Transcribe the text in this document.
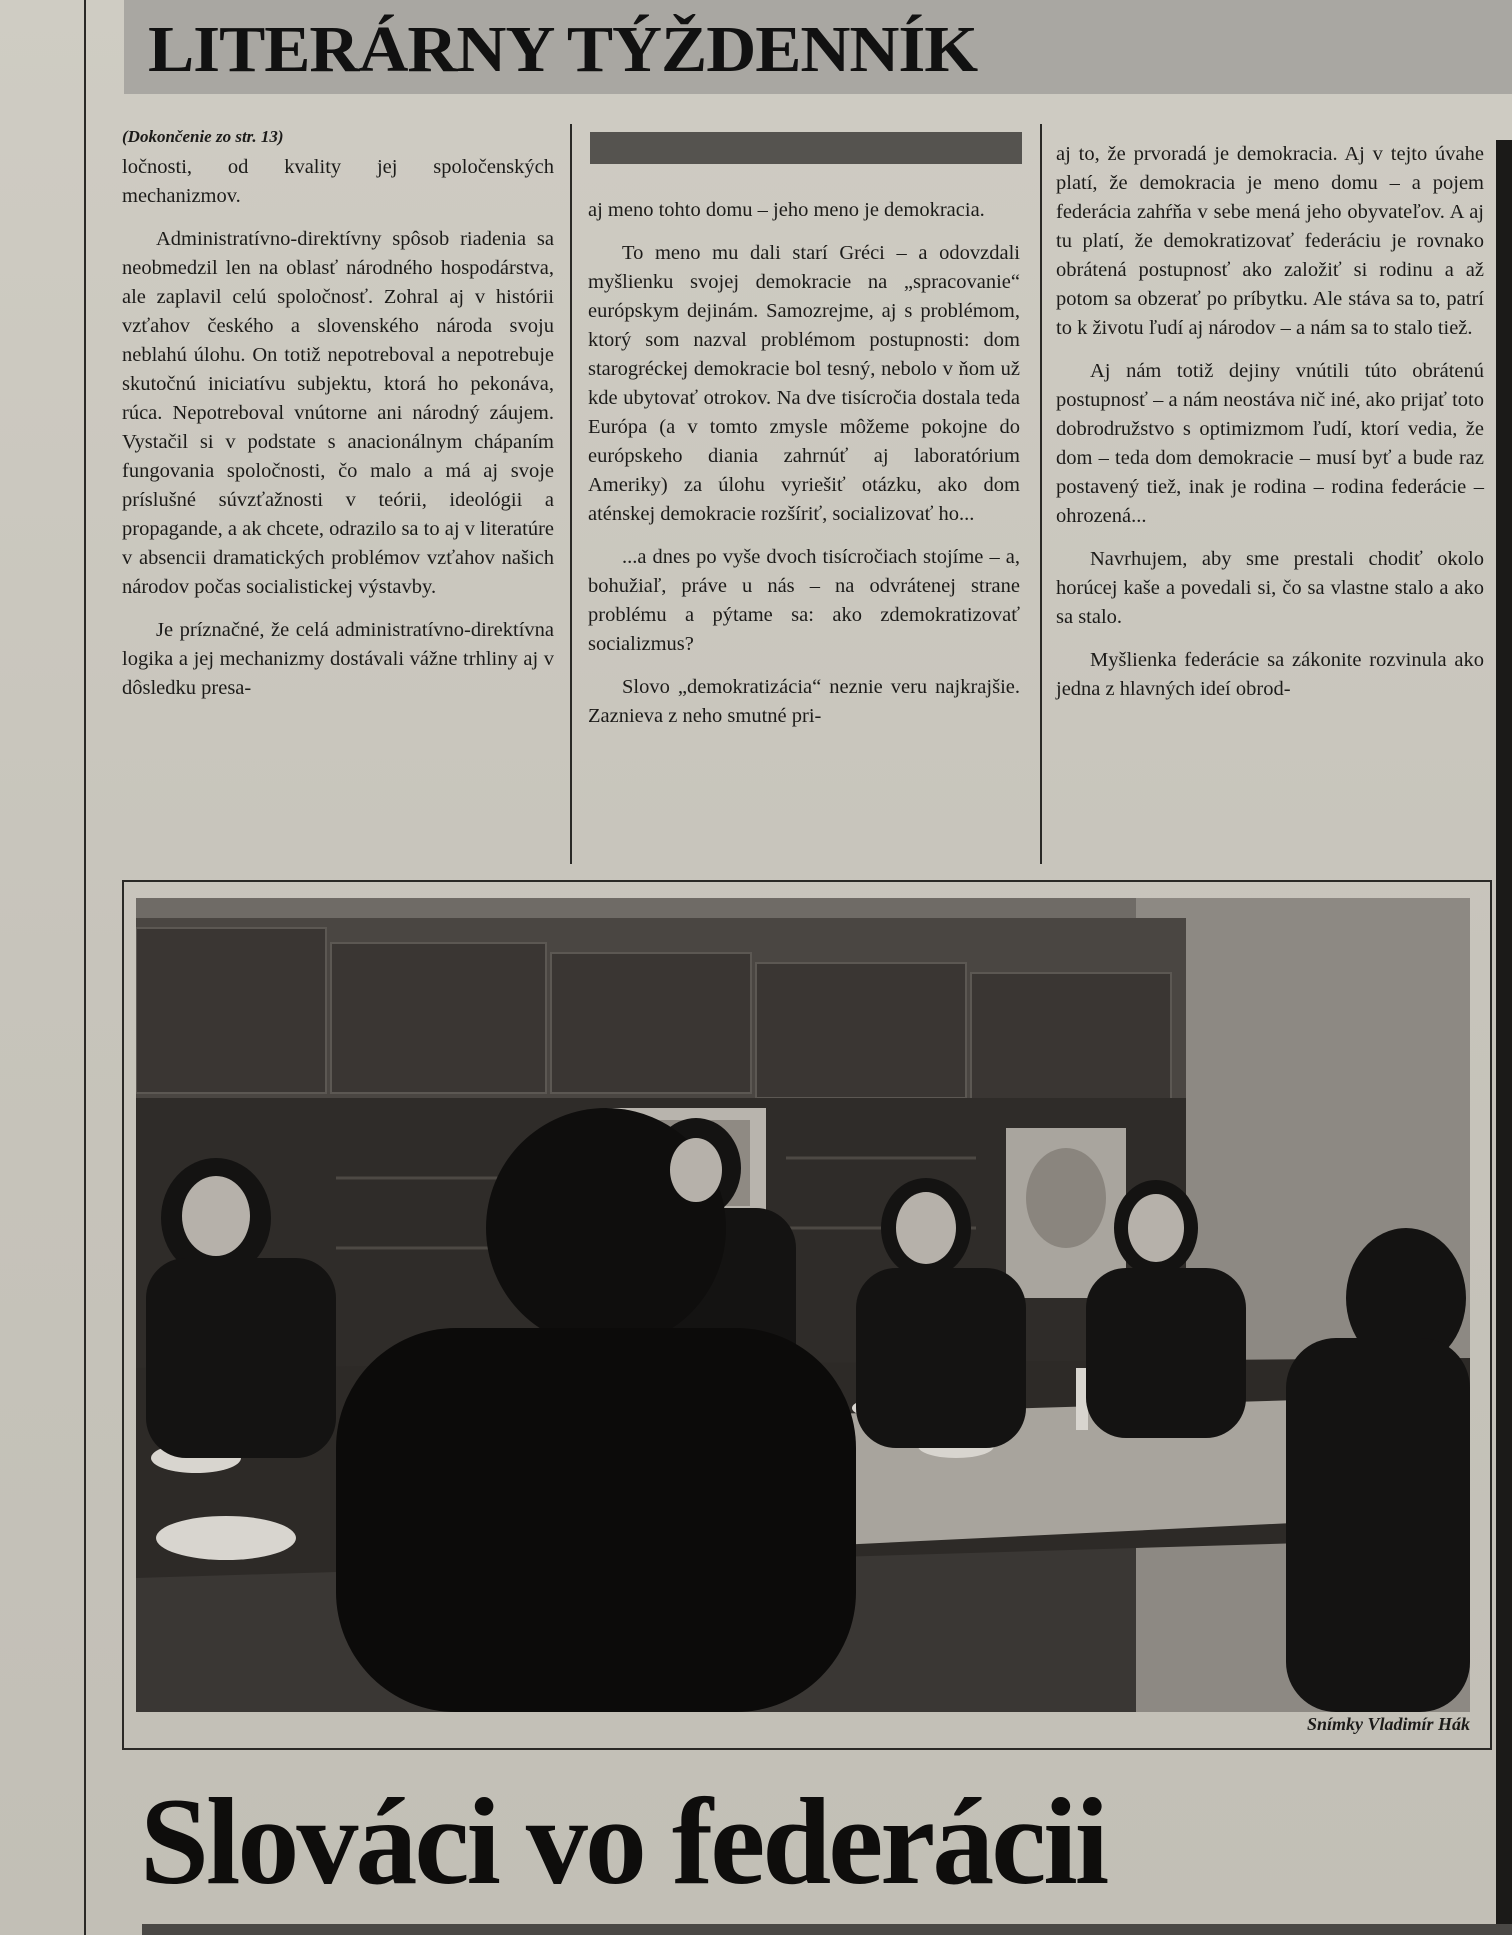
LITERÁRNY TÝŽDENNÍK

(Dokončenie zo str. 13)

ločnosti, od kvality jej spoločenských mechanizmov.

Administratívno-direktívny spôsob riadenia sa neobmedzil len na oblasť národného hospodárstva, ale zaplavil celú spoločnosť. Zohral aj v histórii vzťahov českého a slovenského národa svoju neblahú úlohu. On totiž nepotreboval a nepotrebuje skutočnú iniciatívu subjektu, ktorá ho pekonáva, rúca. Nepotreboval vnútorne ani národný záujem. Vystačil si v podstate s anacionálnym chápaním fungovania spoločnosti, čo malo a má aj svoje príslušné súvzťažnosti v teórii, ideológii a propagande, a ak chcete, odrazilo sa to aj v literatúre v absencii dramatických problémov vzťahov našich národov počas socialistickej výstavby.

Je príznačné, že celá administratívno-direktívna logika a jej mechanizmy dostávali vážne trhliny aj v dôsledku presa-

aj meno tohto domu – jeho meno je demokracia.

To meno mu dali starí Gréci – a odovzdali myšlienku svojej demokracie na „spracovanie“ európskym dejinám. Samozrejme, aj s problémom, ktorý som nazval problémom postupnosti: dom starogréckej demokracie bol tesný, nebolo v ňom už kde ubytovať otrokov. Na dve tisícročia dostala teda Európa (a v tomto zmysle môžeme pokojne do európskeho diania zahrnúť aj laboratórium Ameriky) za úlohu vyriešiť otázku, ako dom aténskej demokracie rozšíriť, socializovať ho...

...a dnes po vyše dvoch tisícročiach stojíme – a, bohužiaľ, práve u nás – na odvrátenej strane problému a pýtame sa: ako zdemokratizovať socializmus?

Slovo „demokratizácia“ neznie veru najkrajšie. Zaznieva z neho smutné pri-

aj to, že prvoradá je demokracia. Aj v tejto úvahe platí, že demokracia je meno domu – a pojem federácia zahŕňa v sebe mená jeho obyvateľov. A aj tu platí, že demokratizovať federáciu je rovnako obrátená postupnosť ako založiť si rodinu a až potom sa obzerať po príbytku. Ale stáva sa to, patrí to k životu ľudí aj národov – a nám sa to stalo tiež.

Aj nám totiž dejiny vnútili túto obrátenú postupnosť – a nám neostáva nič iné, ako prijať toto dobrodružstvo s optimizmom ľudí, ktorí vedia, že dom – teda dom demokracie – musí byť a bude raz postavený tiež, inak je rodina – rodina federácie – ohrozená...

Navrhujem, aby sme prestali chodiť okolo horúcej kaše a povedali si, čo sa vlastne stalo a ako sa stalo.

Myšlienka federácie sa zákonite rozvinula ako jedna z hlavných ideí obrod-

Snímky Vladimír Hák
Slováci vo federácii
